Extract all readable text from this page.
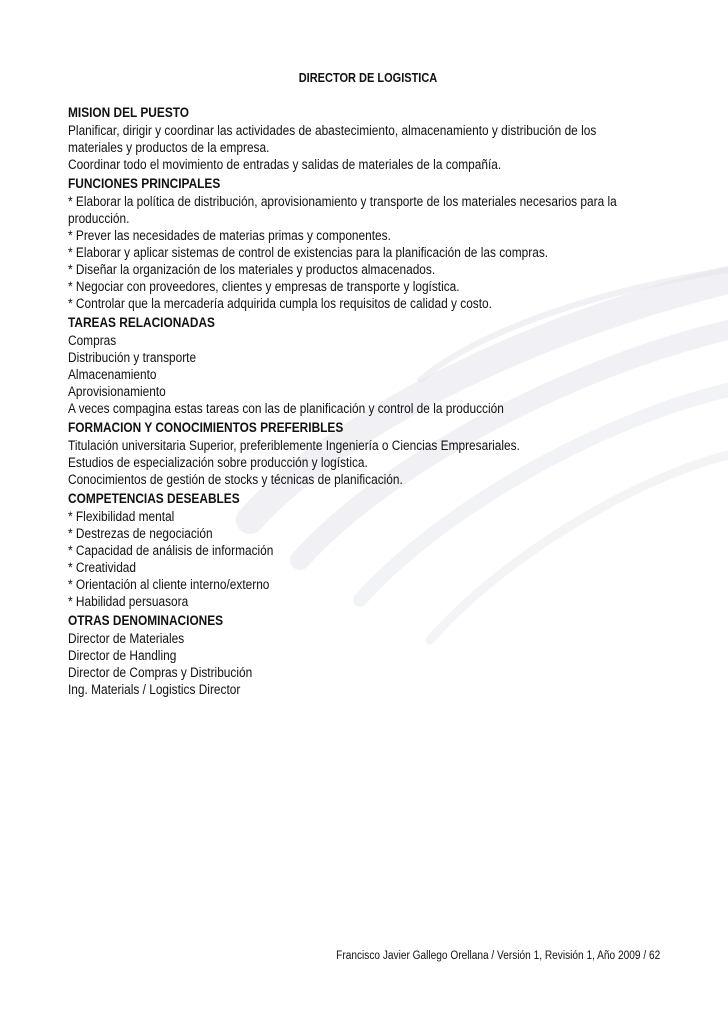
DIRECTOR DE LOGISTICA
MISION DEL PUESTO
Planificar, dirigir y coordinar las actividades de abastecimiento, almacenamiento y distribución de los
materiales y productos de la empresa.
Coordinar todo el movimiento de entradas y salidas de materiales de la compañía.
FUNCIONES PRINCIPALES
* Elaborar la política de distribución, aprovisionamiento y transporte de los materiales necesarios para la
producción.
* Prever las necesidades de materias primas y componentes.
* Elaborar y aplicar sistemas de control de existencias para la planificación de las compras.
* Diseñar la organización de los materiales y productos almacenados.
* Negociar con proveedores, clientes y empresas de transporte y logística.
* Controlar que la mercadería adquirida cumpla los requisitos de calidad y costo.
TAREAS RELACIONADAS
Compras
Distribución y transporte
Almacenamiento
Aprovisionamiento
A veces compagina estas tareas con las de planificación y control de la producción
FORMACION Y CONOCIMIENTOS PREFERIBLES
Titulación universitaria Superior, preferiblemente Ingeniería o Ciencias Empresariales.
Estudios de especialización sobre producción y logística.
Conocimientos de gestión de stocks y técnicas de planificación.
COMPETENCIAS DESEABLES
* Flexibilidad mental
* Destrezas de negociación
* Capacidad de análisis de información
* Creatividad
* Orientación al cliente interno/externo
* Habilidad persuasora
OTRAS DENOMINACIONES
Director de Materiales
Director de Handling
Director de Compras y Distribución
Ing. Materials / Logistics Director
Francisco Javier Gallego Orellana / Versión 1, Revisión 1, Año 2009 / 62
